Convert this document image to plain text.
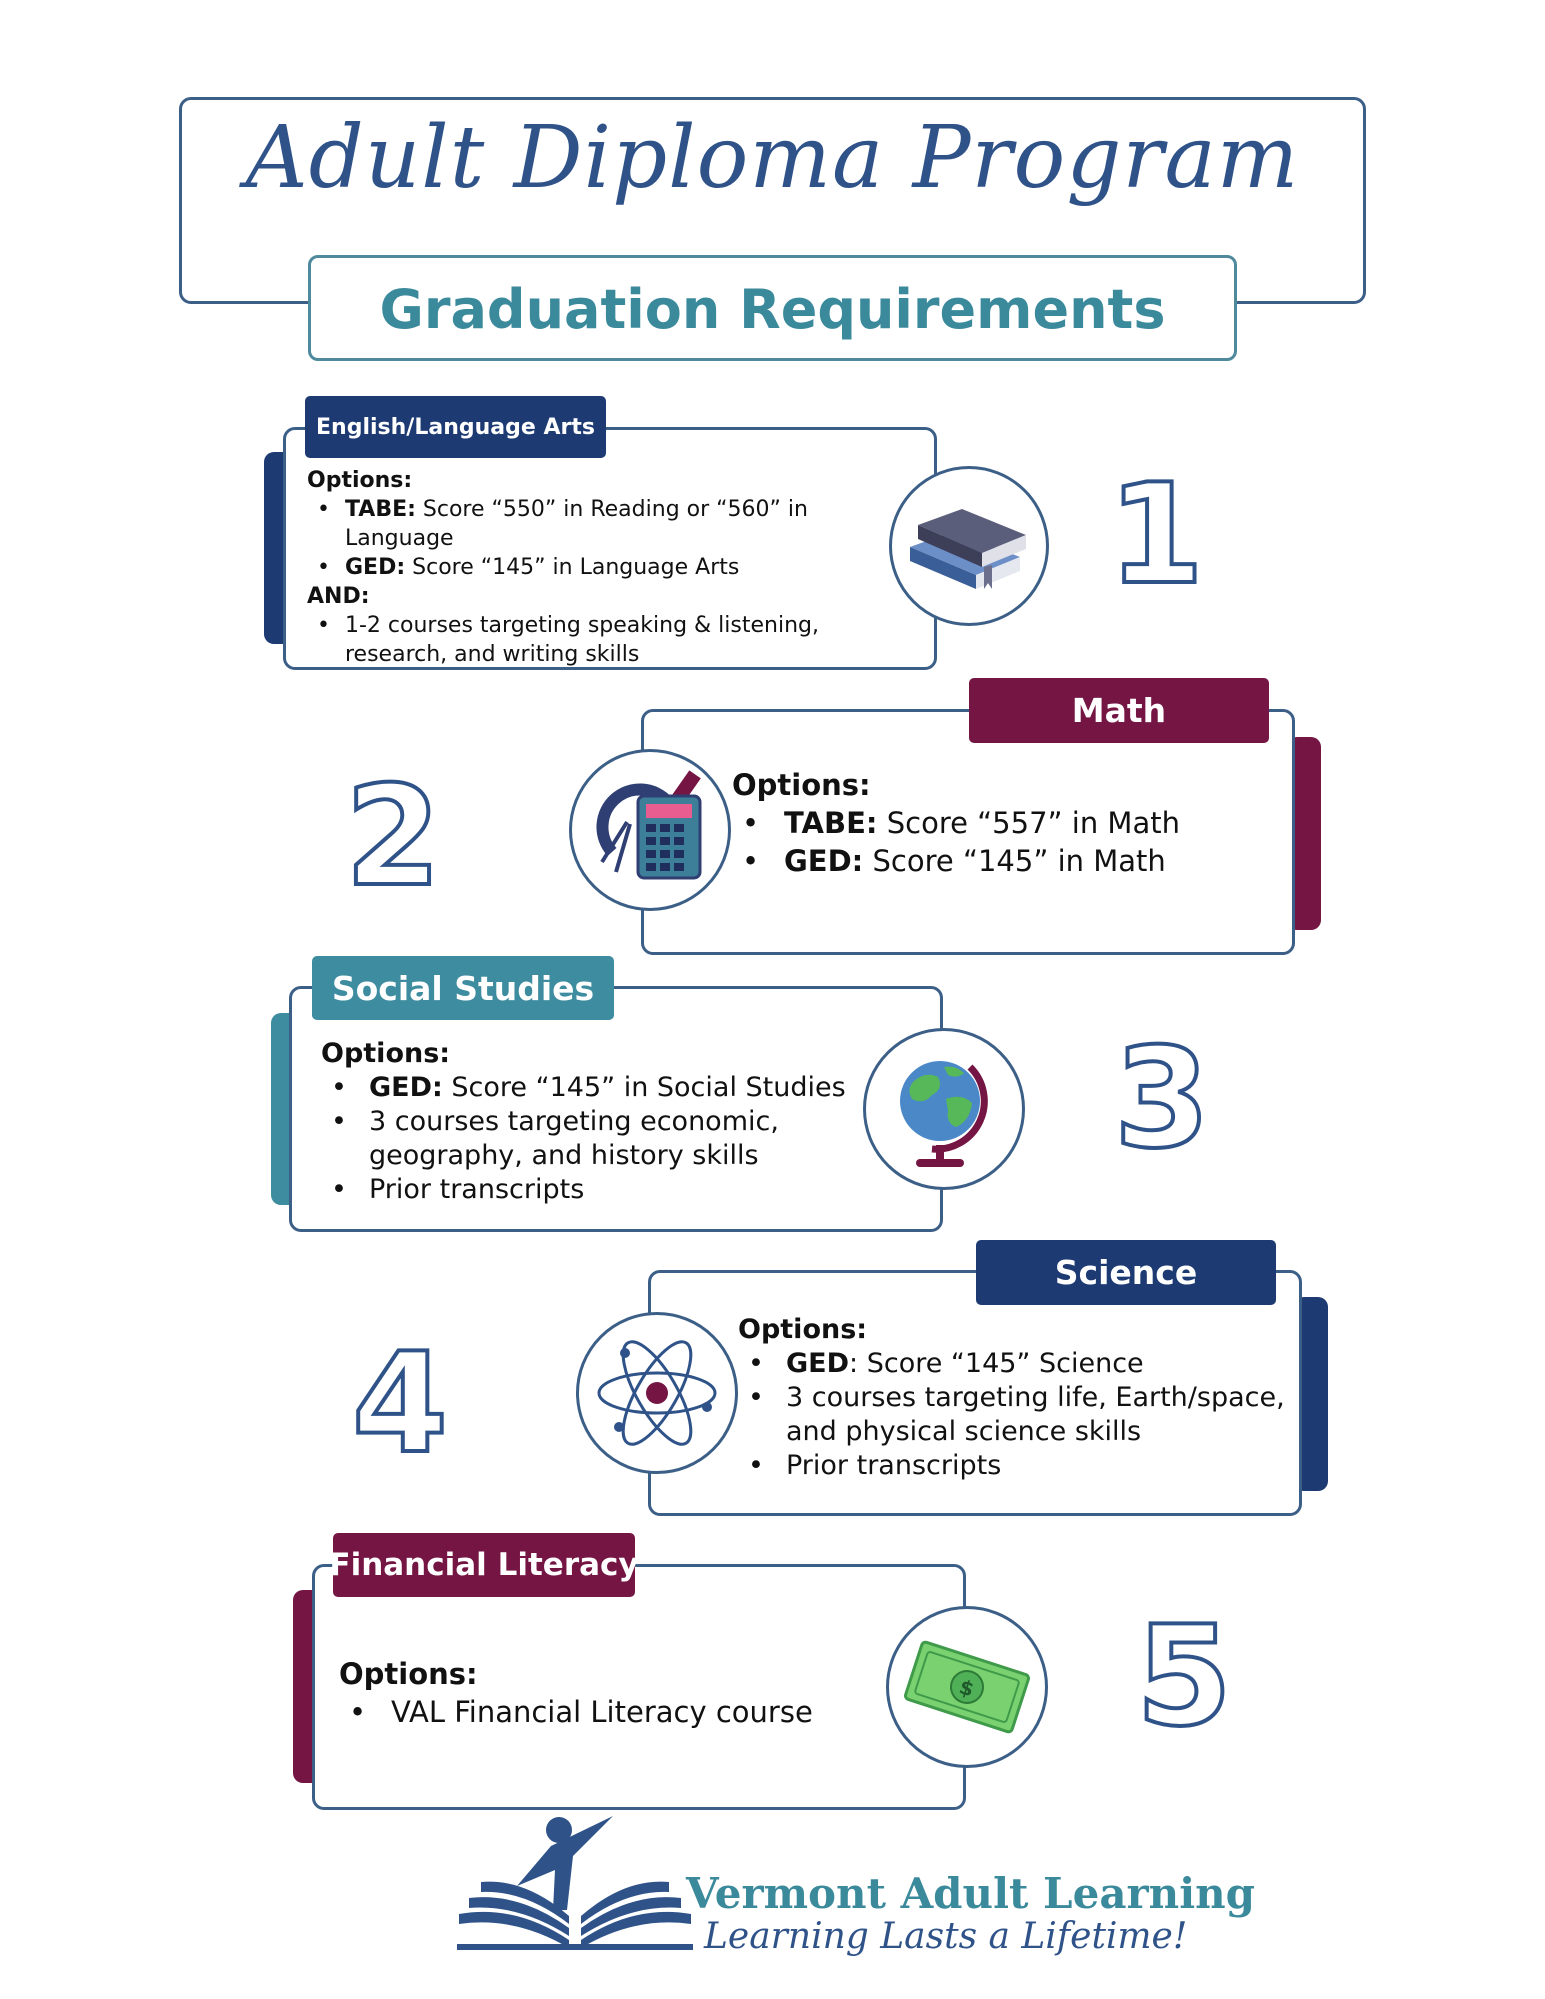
Adult Diploma Program
Graduation Requirements
Options:
• TABE: Score “550” in Reading or “560” in Language
• GED: Score “145” in Language Arts
AND:
• 1-2 courses targeting speaking & listening, research, and writing skills
English/Language Arts
1
Options:
• TABE: Score “557” in Math
• GED: Score “145” in Math
Math
2
Options:
• GED: Score “145” in Social Studies
• 3 courses targeting economic, geography, and history skills
• Prior transcripts
Social Studies
3
Options:
• GED: Score “145” Science
• 3 courses targeting life, Earth/space, and physical science skills
• Prior transcripts
Science
4
Options:
• VAL Financial Literacy course
Financial Literacy
$ 5
Vermont Adult Learning
Learning Lasts a Lifetime!
